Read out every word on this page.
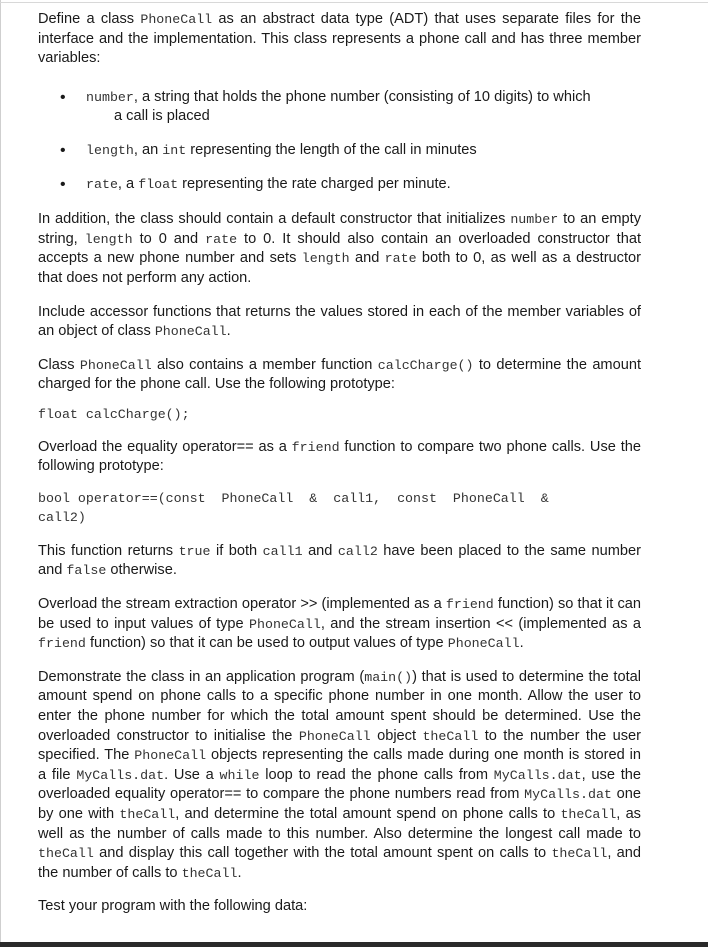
Define a class PhoneCall as an abstract data type (ADT) that uses separate files for the interface and the implementation. This class represents a phone call and has three member variables:

• number, a string that holds the phone number (consisting of 10 digits) to which
a call is placed
• length, an int representing the length of the call in minutes
• rate, a float representing the rate charged per minute.

In addition, the class should contain a default constructor that initializes number to an empty string, length to 0 and rate to 0. It should also contain an overloaded constructor that accepts a new phone number and sets length and rate both to 0, as well as a destructor that does not perform any action.

Include accessor functions that returns the values stored in each of the member variables of an object of class PhoneCall.

Class PhoneCall also contains a member function calcCharge() to determine the amount charged for the phone call. Use the following prototype:

float calcCharge();

Overload the equality operator== as a friend function to compare two phone calls. Use the following prototype:

bool operator==(const  PhoneCall  &  call1,  const  PhoneCall  &
call2)

This function returns true if both call1 and call2 have been placed to the same number and false otherwise.

Overload the stream extraction operator >> (implemented as a friend function) so that it can be used to input values of type PhoneCall, and the stream insertion << (implemented as a friend function) so that it can be used to output values of type PhoneCall.

Demonstrate the class in an application program (main()) that is used to determine the total amount spend on phone calls to a specific phone number in one month. Allow the user to enter the phone number for which the total amount spent should be determined. Use the overloaded constructor to initialise the PhoneCall object theCall to the number the user specified. The PhoneCall objects representing the calls made during one month is stored in a file MyCalls.dat. Use a while loop to read the phone calls from MyCalls.dat, use the overloaded equality operator== to compare the phone numbers read from MyCalls.dat one by one with theCall, and determine the total amount spend on phone calls to theCall, as well as the number of calls made to this number. Also determine the longest call made to theCall and display this call together with the total amount spent on calls to theCall, and the number of calls to theCall.

Test your program with the following data:
